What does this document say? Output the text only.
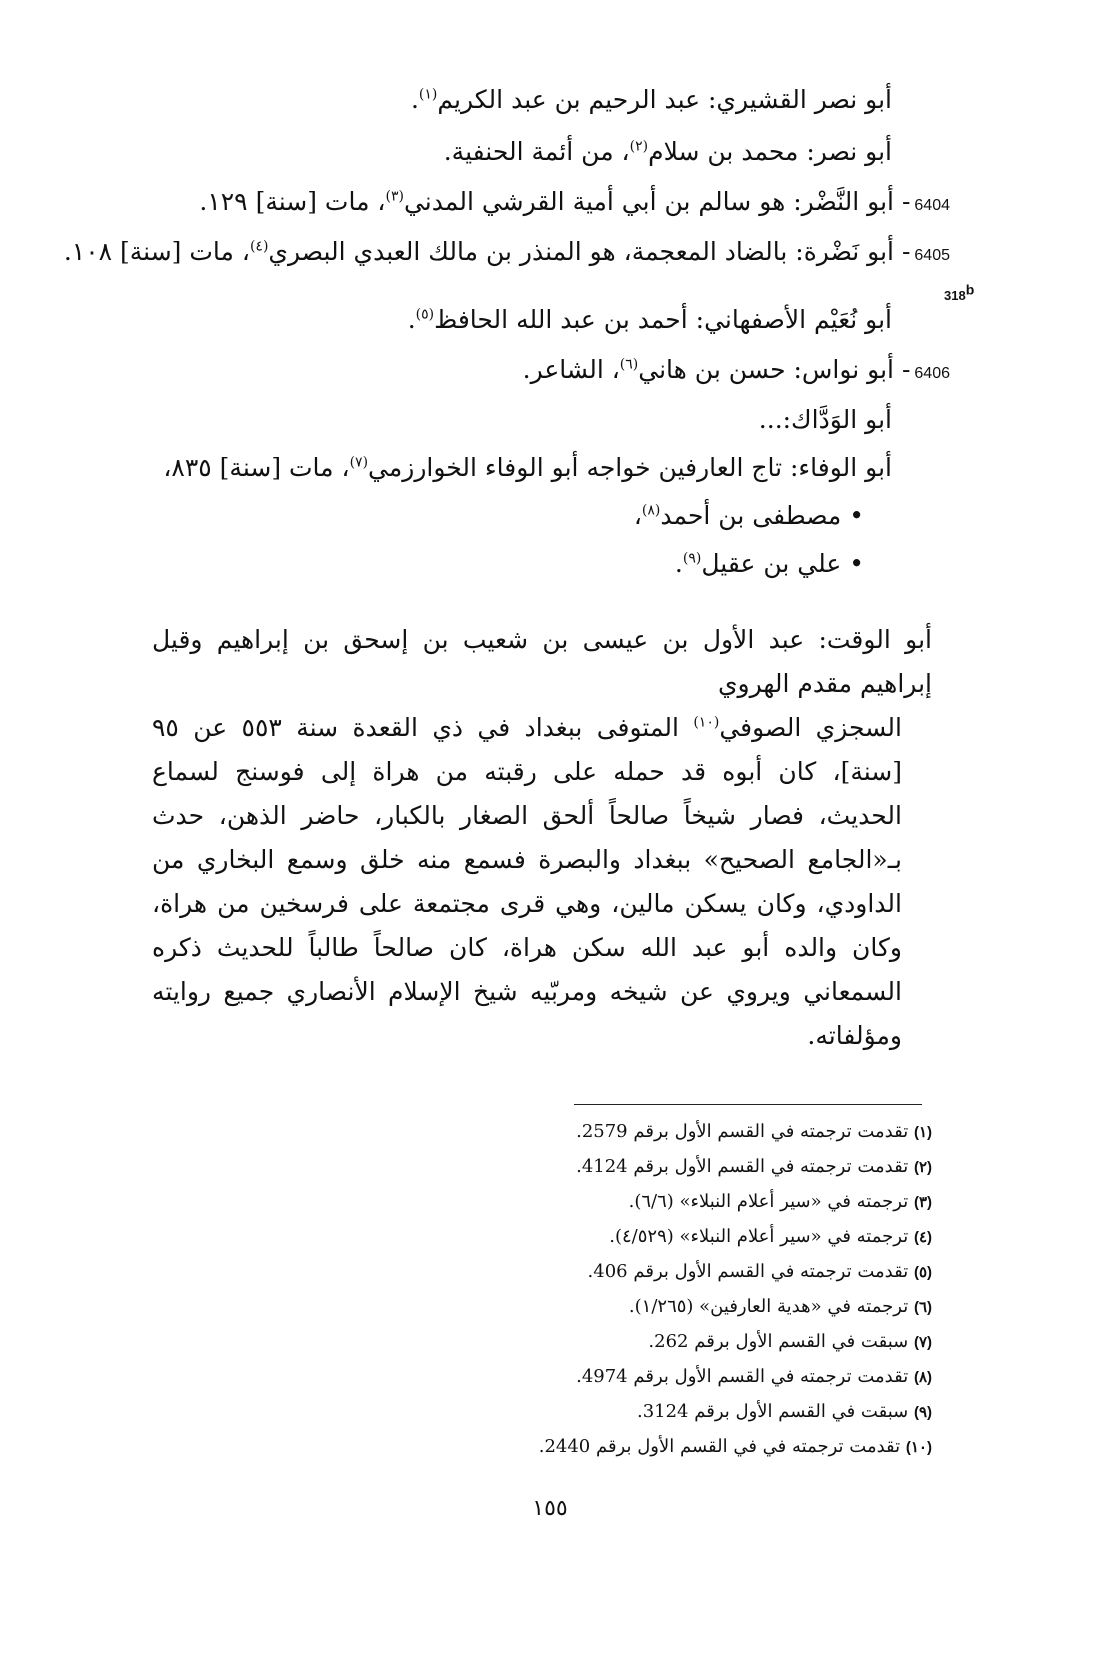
أبو نصر القشيري: عبد الرحيم بن عبد الكريم$^{(١)}$.
أبو نصر: محمد بن سلام$^{(٢)}$، من أئمة الحنفية.
6404- أبو النَّضْر: هو سالم بن أبي أمية القرشي المدني$^{(٣)}$، مات [سنة] ١٢٩.
6405- أبو نَضْرة: بالضاد المعجمة، هو المنذر بن مالك العبدي البصري$^{(٤)}$، مات [سنة] ١٠٨.
318b
أبو نُعَيْم الأصفهاني: أحمد بن عبد الله الحافظ$^{(٥)}$.
6406- أبو نواس: حسن بن هاني$^{(٦)}$، الشاعر.
أبو الوَدَّاك:...
أبو الوفاء: تاج العارفين خواجه أبو الوفاء الخوارزمي$^{(٧)}$، مات [سنة] ٨٣٥،
• مصطفى بن أحمد$^{(٨)}$،
• علي بن عقيل$^{(٩)}$.
أبو الوقت: عبد الأول بن عيسى بن شعيب بن إسحق بن إبراهيم وقيل إبراهيم مقدم الهروي
السجزي الصوفي$^{(١٠)}$ المتوفى ببغداد في ذي القعدة سنة ٥٥٣ عن ٩٥ [سنة]، كان أبوه قد حمله على رقبته من هراة إلى فوسنج لسماع الحديث، فصار شيخاً صالحاً ألحق الصغار بالكبار، حاضر الذهن، حدث بـ«الجامع الصحيح» ببغداد والبصرة فسمع منه خلق وسمع البخاري من الداودي، وكان يسكن مالين، وهي قرى مجتمعة على فرسخين من هراة، وكان والده أبو عبد الله سكن هراة، كان صالحاً طالباً للحديث ذكره السمعاني ويروي عن شيخه ومربّيه شيخ الإسلام الأنصاري جميع روايته ومؤلفاته.
(١) تقدمت ترجمته في القسم الأول برقم 2579.
(٢) تقدمت ترجمته في القسم الأول برقم 4124.
(٣) ترجمته في «سير أعلام النبلاء» (٦/٦).
(٤) ترجمته في «سير أعلام النبلاء» (٤/٥٢٩).
(٥) تقدمت ترجمته في القسم الأول برقم 406.
(٦) ترجمته في «هدية العارفين» (١/٢٦٥).
(٧) سبقت في القسم الأول برقم 262.
(٨) تقدمت ترجمته في القسم الأول برقم 4974.
(٩) سبقت في القسم الأول برقم 3124.
(١٠) تقدمت ترجمته في في القسم الأول برقم 2440.
١٥٥
